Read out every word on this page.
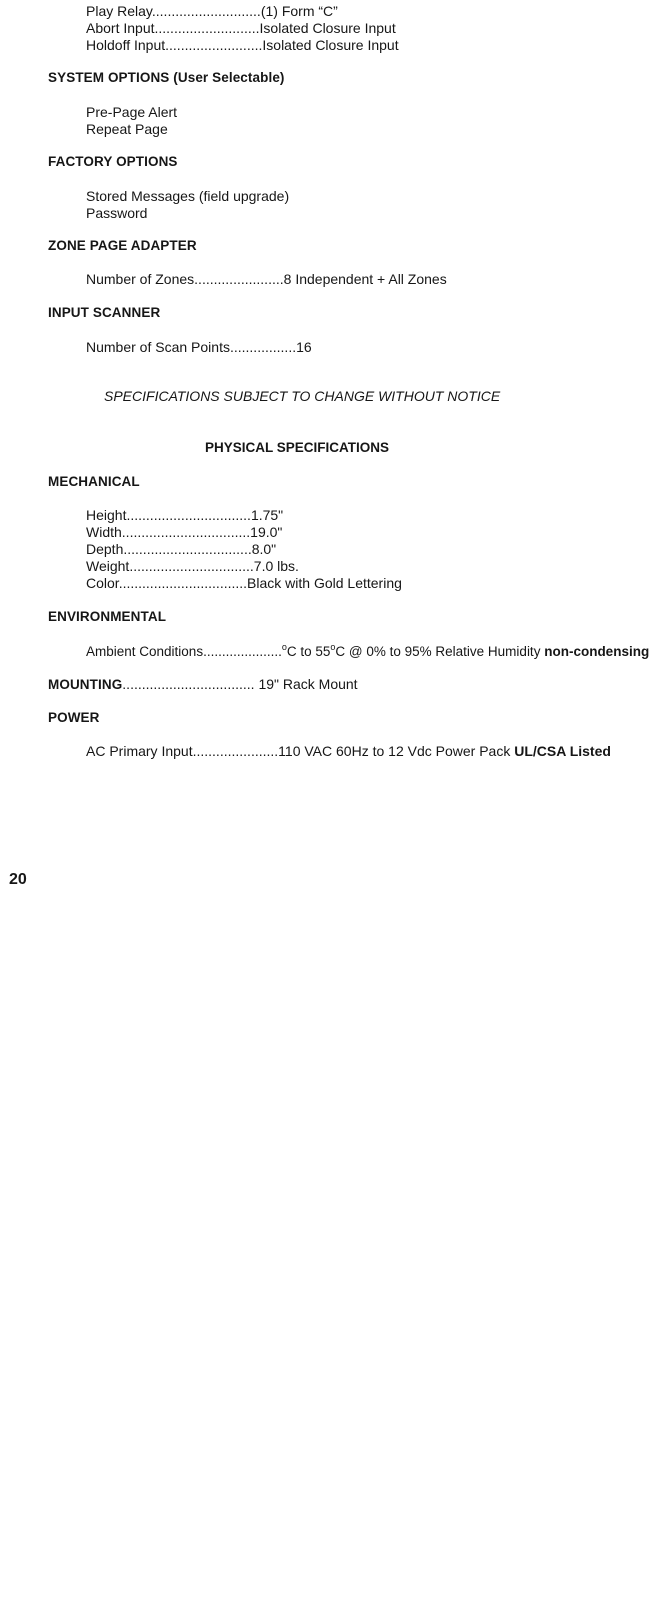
Play Relay............................(1) Form “C”
Abort Input...........................Isolated Closure Input
Holdoff Input.........................Isolated Closure Input
SYSTEM OPTIONS (User Selectable)
Pre-Page Alert
Repeat Page
FACTORY OPTIONS
Stored Messages (field upgrade)
Password
ZONE PAGE ADAPTER
Number of Zones.......................8 Independent + All Zones
INPUT SCANNER
Number of Scan Points.................16
SPECIFICATIONS SUBJECT TO CHANGE WITHOUT NOTICE
PHYSICAL SPECIFICATIONS
MECHANICAL
Height................................1.75"
Width.................................19.0"
Depth.................................8.0"
Weight................................7.0 lbs.
Color.................................Black with Gold Lettering
ENVIRONMENTAL
Ambient Conditions.....................$^o$C to 55$^o$C @ 0% to 95% Relative Humidity non-condensing
MOUNTING.................................. 19" Rack Mount
POWER
AC Primary Input......................110 VAC 60Hz to 12 Vdc Power Pack UL/CSA Listed
20
